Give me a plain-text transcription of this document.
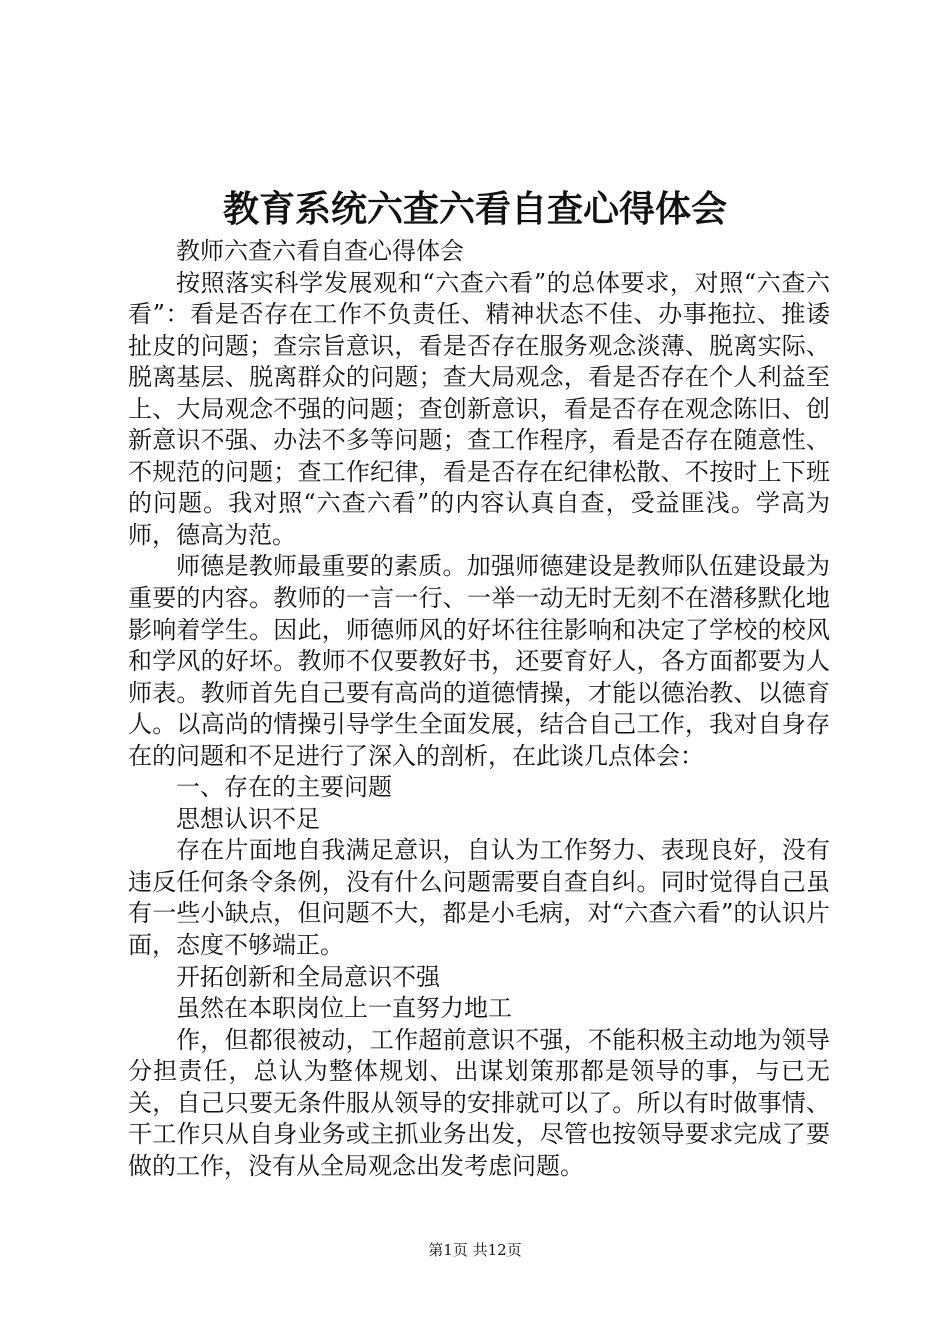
教育系统六查六看自查心得体会

教师六查六看自查心得体会

按照落实科学发展观和“六查六看”的总体要求，对照“六查六看”：看是否存在工作不负责任、精神状态不佳、办事拖拉、推诿扯皮的问题；查宗旨意识，看是否存在服务观念淡薄、脱离实际、脱离基层、脱离群众的问题；查大局观念，看是否存在个人利益至上、大局观念不强的问题；查创新意识，看是否存在观念陈旧、创新意识不强、办法不多等问题；查工作程序，看是否存在随意性、不规范的问题；查工作纪律，看是否存在纪律松散、不按时上下班的问题。我对照“六查六看”的内容认真自查，受益匪浅。学高为师，德高为范。

师德是教师最重要的素质。加强师德建设是教师队伍建设最为重要的内容。教师的一言一行、一举一动无时无刻不在潜移默化地影响着学生。因此，师德师风的好坏往往影响和决定了学校的校风和学风的好坏。教师不仅要教好书，还要育好人，各方面都要为人师表。教师首先自己要有高尚的道德情操，才能以德治教、以德育人。以高尚的情操引导学生全面发展，结合自己工作，我对自身存在的问题和不足进行了深入的剖析，在此谈几点体会：

一、存在的主要问题

思想认识不足

存在片面地自我满足意识，自认为工作努力、表现良好，没有违反任何条令条例，没有什么问题需要自查自纠。同时觉得自己虽有一些小缺点，但问题不大，都是小毛病，对“六查六看”的认识片面，态度不够端正。

开拓创新和全局意识不强

虽然在本职岗位上一直努力地工

作，但都很被动，工作超前意识不强，不能积极主动地为领导分担责任，总认为整体规划、出谋划策那都是领导的事，与已无关，自己只要无条件服从领导的安排就可以了。所以有时做事情、干工作只从自身业务或主抓业务出发，尽管也按领导要求完成了要做的工作，没有从全局观念出发考虑问题。

第1页 共12页
